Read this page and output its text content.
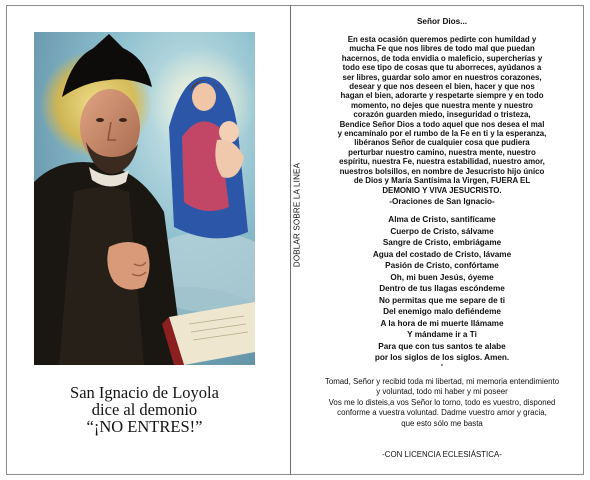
San Ignacio de Loyola
dice al demonio
“¡NO ENTRES!”
DOBLAR SOBRE LA LINEA
Señor Dios...
En esta ocasión queremos pedirte con humildad y
mucha Fe que nos libres de todo mal que puedan
hacernos, de toda envidia o maleficio, supercherías y
todo ese tipo de cosas que tu aborreces, ayúdanos a
ser libres, guardar solo amor en nuestros corazones,
desear y que nos deseen el bien, hacer y que nos
hagan el bien, adorarte y respetarte siempre y en todo
momento, no dejes que nuestra mente y nuestro
corazón guarden miedo, inseguridad o tristeza,
Bendice Señor Dios a todo aquel que nos desea el mal
y encamínalo por el rumbo de la Fe en ti y la esperanza,
libéranos Señor de cualquier cosa que pudiera
perturbar nuestro camino, nuestra mente, nuestro
espíritu, nuestra Fe, nuestra estabilidad, nuestro amor,
nuestros bolsillos, en nombre de Jesucristo hijo único
de Dios y María Santísima la Virgen, FUERA EL
DEMONIO Y VIVA JESUCRISTO.
-Oraciones de San Ignacio-
Alma de Cristo, santifícame
Cuerpo de Cristo, sálvame
Sangre de Cristo, embriágame
Agua del costado de Cristo, lávame
Pasión de Cristo, confórtame
Oh, mi buen Jesús, óyeme
Dentro de tus llagas escóndeme
No permitas que me separe de ti
Del enemigo malo defiéndeme
A la hora de mi muerte llámame
Y mándame ir a Ti
Para que con tus santos te alabe
por los siglos de los siglos. Amen.
-
Tomad, Señor y recibid toda mi libertad, mi memoria entendimiento
y voluntad, todo mi haber y mi poseer
Vos me lo disteis,a vos Señor lo torno, todo es vuestro, disponed
conforme a vuestra voluntad. Dadme vuestro amor y gracia,
que esto sólo me basta
-CON LICENCIA ECLESIÁSTICA-
